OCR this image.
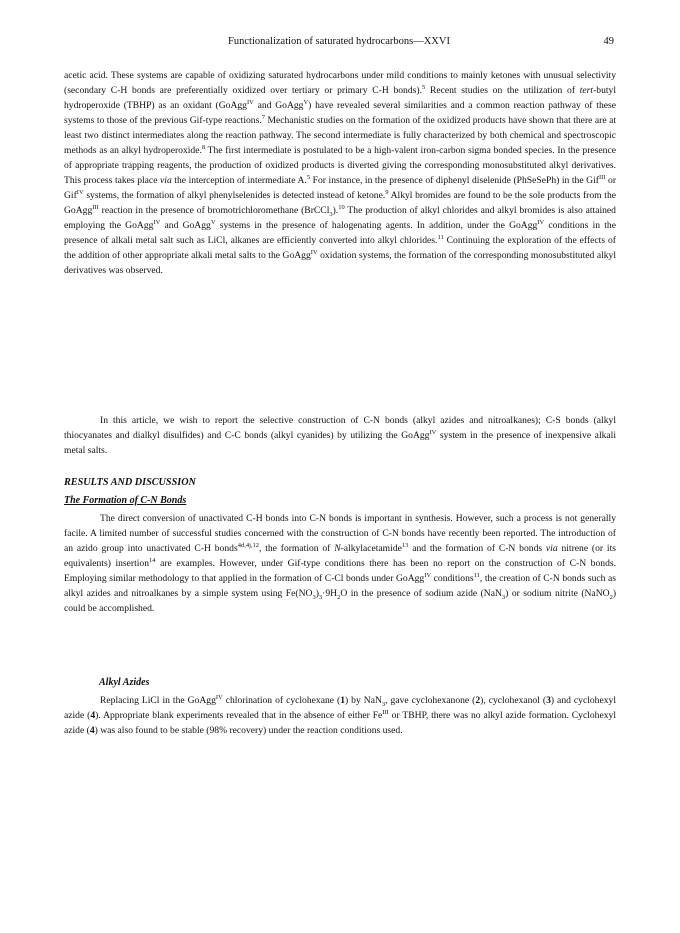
Functionalization of saturated hydrocarbons—XXVI	49

acetic acid. These systems are capable of oxidizing saturated hydrocarbons under mild conditions to mainly ketones with unusual selectivity (secondary C-H bonds are preferentially oxidized over tertiary or primary C-H bonds).$^5$ Recent studies on the utilization of tert-butyl hydroperoxide (TBHP) as an oxidant (GoAgg$^{IV}$ and GoAgg$^V$) have revealed several similarities and a common reaction pathway of these systems to those of the previous Gif-type reactions.$^7$ Mechanistic studies on the formation of the oxidized products have shown that there are at least two distinct intermediates along the reaction pathway. The second intermediate is fully characterized by both chemical and spectroscopic methods as an alkyl hydroperoxide.$^8$ The first intermediate is postulated to be a high-valent iron-carbon sigma bonded species. In the presence of appropriate trapping reagents, the production of oxidized products is diverted giving the corresponding monosubstituted alkyl derivatives. This process takes place via the interception of intermediate A.$^5$ For instance, in the presence of diphenyl diselenide (PhSeSePh) in the Gif$^{III}$ or Gif$^{IV}$ systems, the formation of alkyl phenylselenides is detected instead of ketone.$^9$ Alkyl bromides are found to be the sole products from the GoAgg$^{III}$ reaction in the presence of bromotrichloromethane (BrCCl$_3$).$^{10}$ The production of alkyl chlorides and alkyl bromides is also attained employing the GoAgg$^{IV}$ and GoAgg$^V$ systems in the presence of halogenating agents. In addition, under the GoAgg$^{IV}$ conditions in the presence of alkali metal salt such as LiCl, alkanes are efficiently converted into alkyl chlorides.$^{11}$ Continuing the exploration of the effects of the addition of other appropriate alkali metal salts to the GoAgg$^{IV}$ oxidation systems, the formation of the corresponding monosubstituted alkyl derivatives was observed.

In this article, we wish to report the selective construction of C-N bonds (alkyl azides and nitroalkanes); C-S bonds (alkyl thiocyanates and dialkyl disulfides) and C-C bonds (alkyl cyanides) by utilizing the GoAgg$^{IV}$ system in the presence of inexpensive alkali metal salts.

RESULTS AND DISCUSSION
The Formation of C-N Bonds

The direct conversion of unactivated C-H bonds into C-N bonds is important in synthesis. However, such a process is not generally facile. A limited number of successful studies concerned with the construction of C-N bonds have recently been reported. The introduction of an azido group into unactivated C-H bonds$^{4d,4j,12}$, the formation of N-alkylacetamide$^{13}$ and the formation of C-N bonds via nitrene (or its equivalents) insertion$^{14}$ are examples. However, under Gif-type conditions there has been no report on the construction of C-N bonds. Employing similar methodology to that applied in the formation of C-Cl bonds under GoAgg$^{IV}$ conditions$^{11}$, the creation of C-N bonds such as alkyl azides and nitroalkanes by a simple system using $Fe(NO_3)_3\cdot 9H_2O$ in the presence of sodium azide (NaN$_3$) or sodium nitrite (NaNO$_2$) could be accomplished.

Alkyl Azides

Replacing LiCl in the GoAgg$^{IV}$ chlorination of cyclohexane (1) by NaN$_3$, gave cyclohexanone (2), cyclohexanol (3) and cyclohexyl azide (4). Appropriate blank experiments revealed that in the absence of either $Fe^{III}$ or TBHP, there was no alkyl azide formation. Cyclohexyl azide (4) was also found to be stable (98% recovery) under the reaction conditions used.
